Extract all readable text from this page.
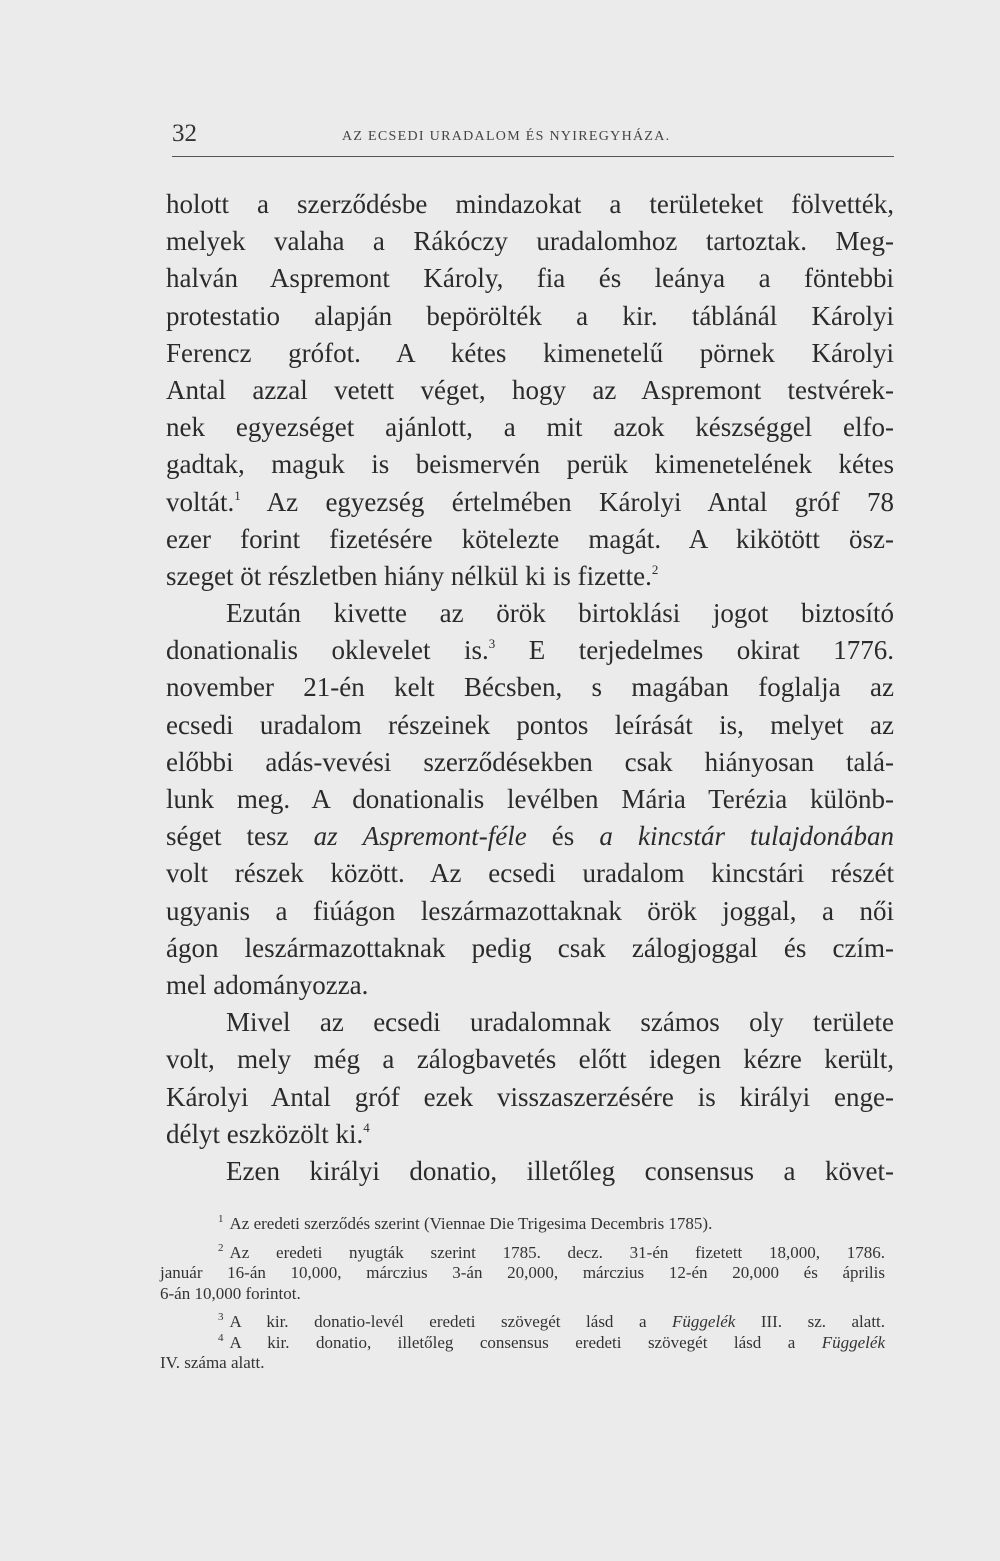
32	AZ ECSEDI URADALOM ÉS NYIREGYHÁZA.
holott a szerződésbe mindazokat a területeket fölvették,
melyek valaha a Rákóczy uradalomhoz tartoztak. Meg-
halván Aspremont Károly, fia és leánya a föntebbi
protestatio alapján bepörölték a kir. táblánál Károlyi
Ferencz grófot. A kétes kimenetelű pörnek Károlyi
Antal azzal vetett véget, hogy az Aspremont testvérek-
nek egyezséget ajánlott, a mit azok készséggel elfo-
gadtak, maguk is beismervén perük kimenetelének kétes
voltát.$^1$ Az egyezség értelmében Károlyi Antal gróf 78
ezer forint fizetésére kötelezte magát. A kikötött ösz-
szeget öt részletben hiány nélkül ki is fizette.$^2$
Ezután kivette az örök birtoklási jogot biztosító
donationalis oklevelet is.$^3$ E terjedelmes okirat 1776.
november 21-én kelt Bécsben, s magában foglalja az
ecsedi uradalom részeinek pontos leírását is, melyet az
előbbi adás-vevési szerződésekben csak hiányosan talá-
lunk meg. A donationalis levélben Mária Terézia különb-
séget tesz az Aspremont-féle és a kincstár tulajdonában
volt részek között. Az ecsedi uradalom kincstári részét
ugyanis a fiúágon leszármazottaknak örök joggal, a női
ágon leszármazottaknak pedig csak zálogjoggal és czím-
mel adományozza.
Mivel az ecsedi uradalomnak számos oly területe
volt, mely még a zálogbavetés előtt idegen kézre került,
Károlyi Antal gróf ezek visszaszerzésére is királyi enge-
délyt eszközölt ki.$^4$
Ezen királyi donatio, illetőleg consensus a követ-
$^1$ Az eredeti szerződés szerint (Viennae Die Trigesima Decembris 1785).
$^2$ Az eredeti nyugták szerint 1785. decz. 31-én fizetett 18,000, 1786.
január 16-án 10,000, márczius 3-án 20,000, márczius 12-én 20,000 és április
6-án 10,000 forintot.
$^3$ A kir. donatio-levél eredeti szövegét lásd a Függelék III. sz. alatt.
$^4$ A kir. donatio, illetőleg consensus eredeti szövegét lásd a Függelék
IV. száma alatt.
